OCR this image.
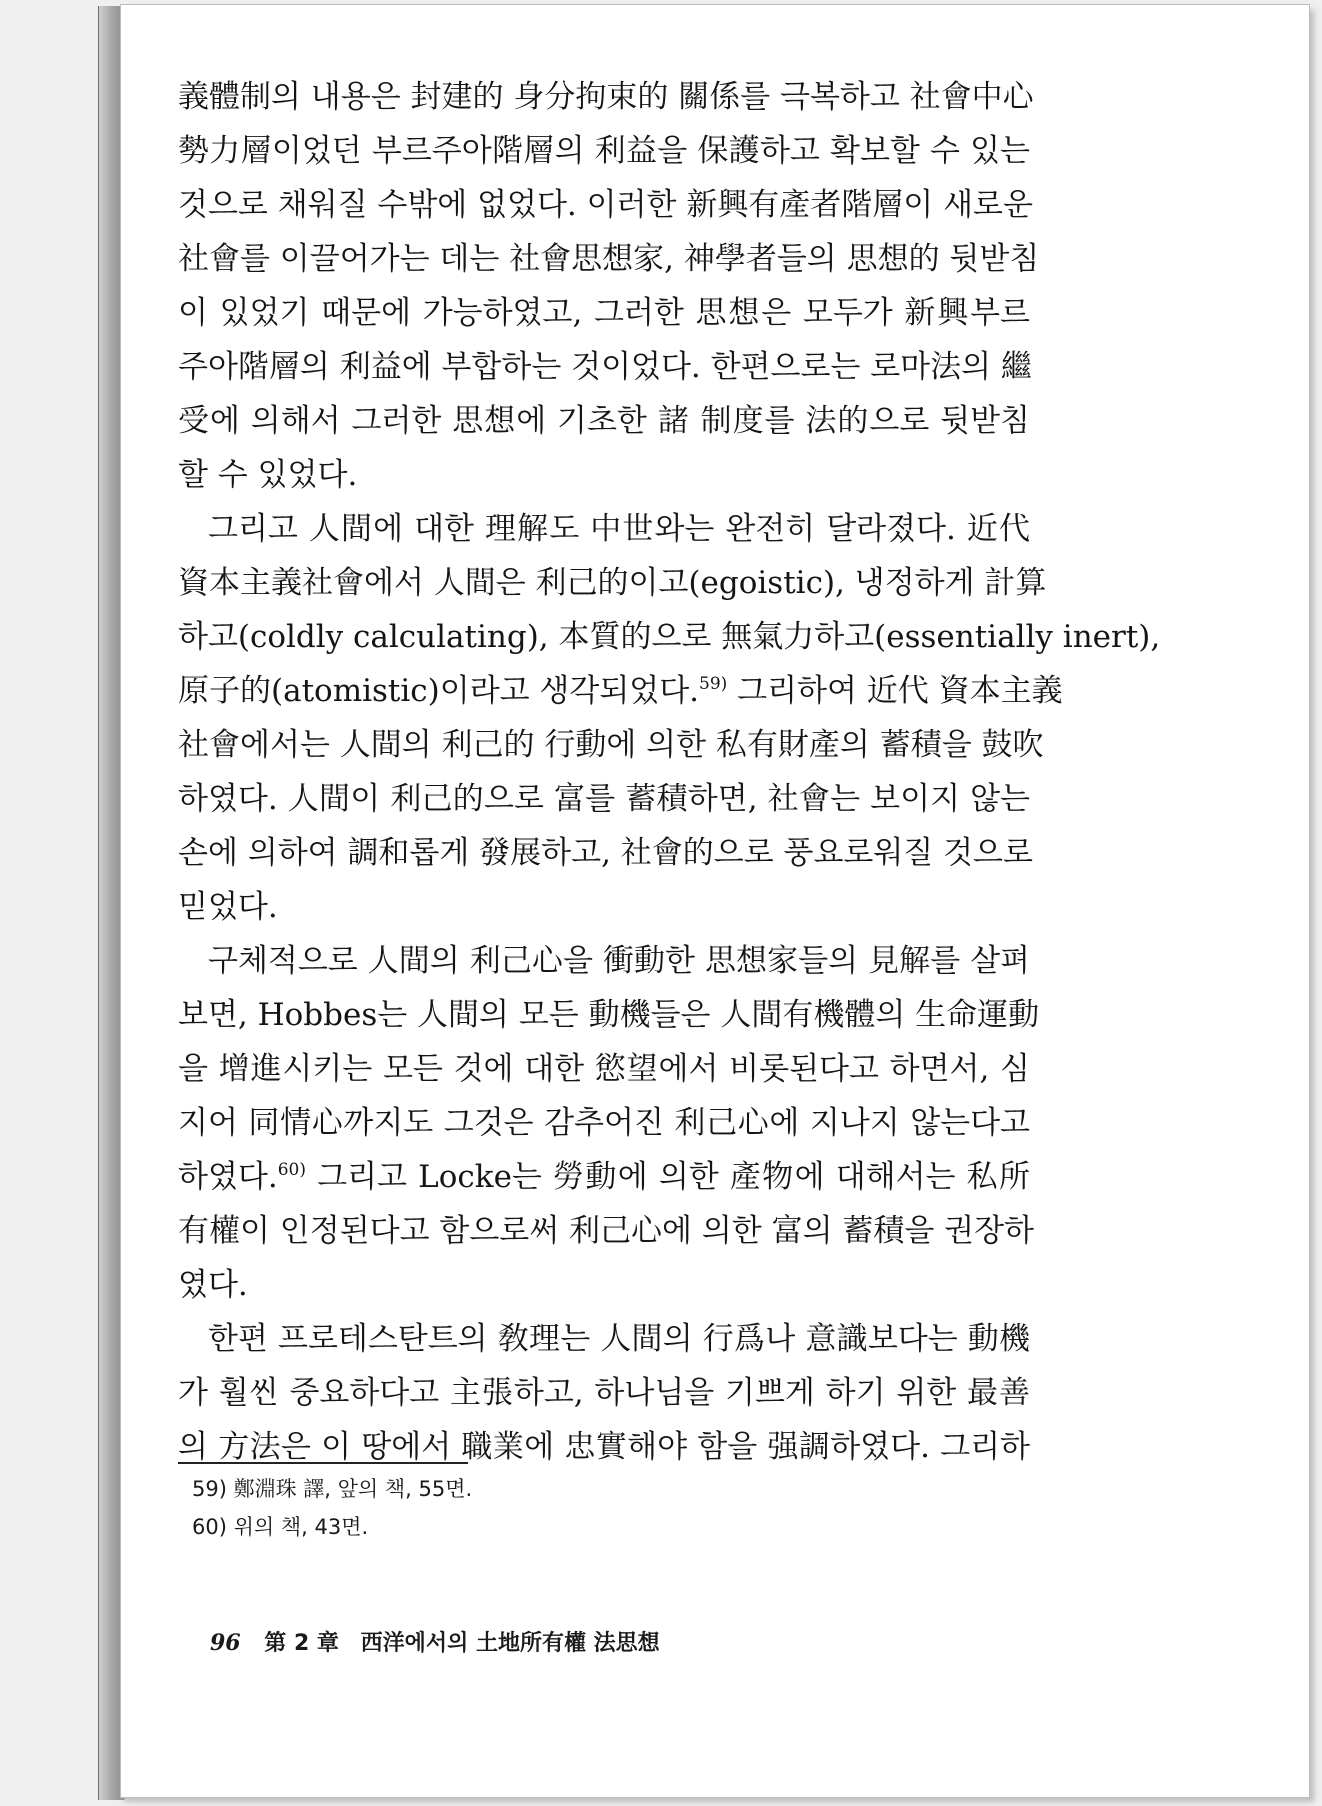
義體制의 내용은 封建的 身分拘束的 關係를 극복하고 社會中心
勢力層이었던 부르주아階層의 利益을 保護하고 확보할 수 있는
것으로 채워질 수밖에 없었다. 이러한 新興有產者階層이 새로운
社會를 이끌어가는 데는 社會思想家, 神學者들의 思想的 뒷받침
이 있었기 때문에 가능하였고, 그러한 思想은 모두가 新興부르
주아階層의 利益에 부합하는 것이었다. 한편으로는 로마法의 繼
受에 의해서 그러한 思想에 기초한 諸 制度를 法的으로 뒷받침
할 수 있었다.
그리고 人間에 대한 理解도 中世와는 완전히 달라졌다. 近代
資本主義社會에서 人間은 利己的이고(egoistic), 냉정하게 計算
하고(coldly calculating), 本質的으로 無氣力하고(essentially inert),
原子的(atomistic)이라고 생각되었다.$^{59)}$ 그리하여 近代 資本主義
社會에서는 人間의 利己的 行動에 의한 私有財產의 蓄積을 鼓吹
하였다. 人間이 利己的으로 富를 蓄積하면, 社會는 보이지 않는
손에 의하여 調和롭게 發展하고, 社會的으로 풍요로워질 것으로
믿었다.
구체적으로 人間의 利己心을 衝動한 思想家들의 見解를 살펴
보면, Hobbes는 人間의 모든 動機들은 人間有機體의 生命運動
을 增進시키는 모든 것에 대한 慾望에서 비롯된다고 하면서, 심
지어 同情心까지도 그것은 감추어진 利己心에 지나지 않는다고
하였다.$^{60)}$ 그리고 Locke는 勞動에 의한 產物에 대해서는 私所
有權이 인정된다고 함으로써 利己心에 의한 富의 蓄積을 권장하
였다.
한편 프로테스탄트의 敎理는 人間의 行爲나 意識보다는 動機
가 훨씬 중요하다고 主張하고, 하나님을 기쁘게 하기 위한 最善
의 方法은 이 땅에서 職業에 忠實해야 함을 强調하였다. 그리하
59) 鄭淵珠 譯, 앞의 책, 55면.
60) 위의 책, 43면.
96 第 2 章 西洋에서의 土地所有權 法思想
